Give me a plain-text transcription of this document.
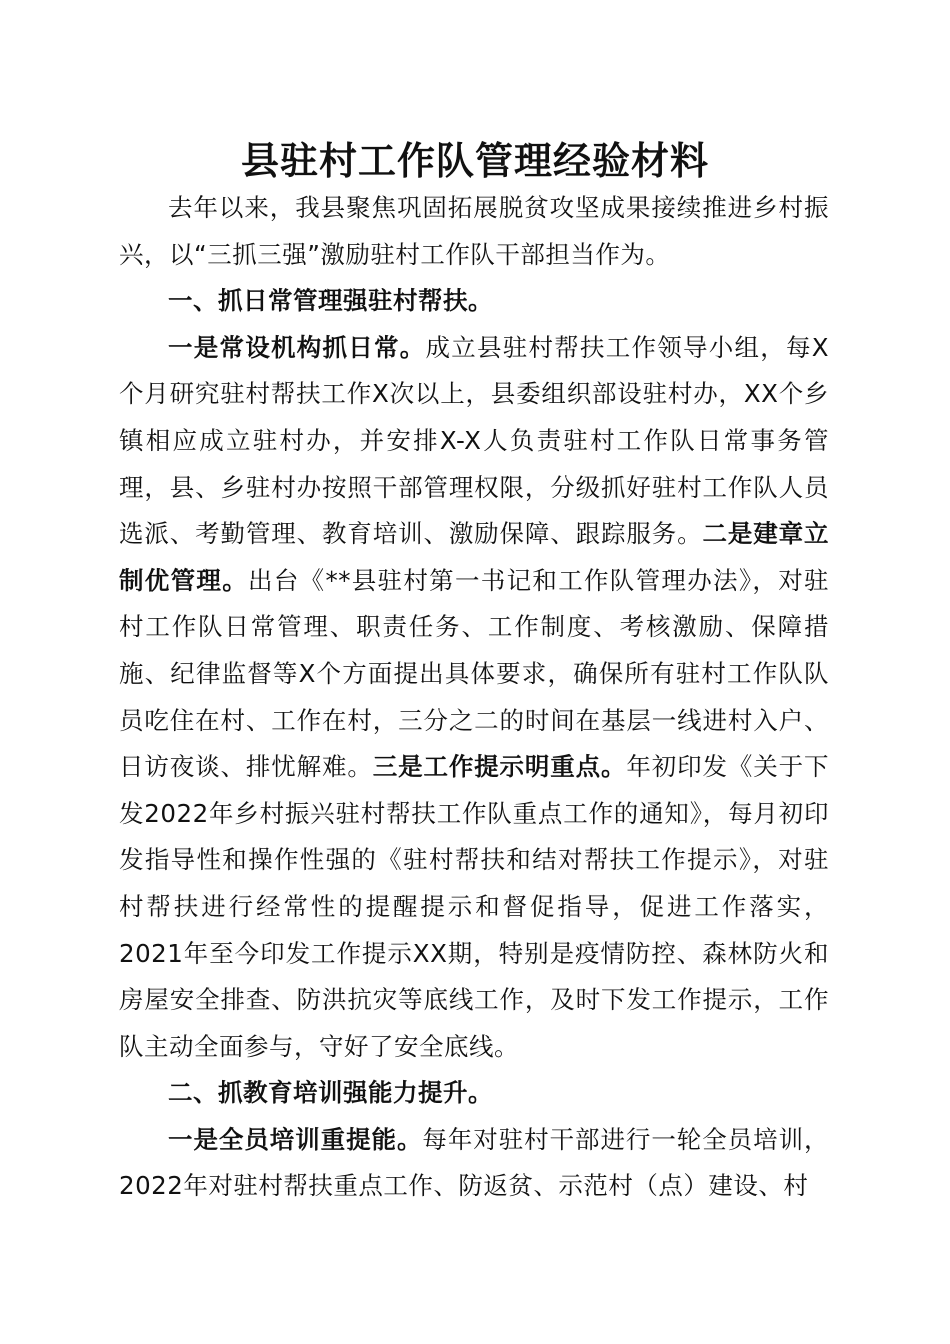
县驻村工作队管理经验材料

去年以来，我县聚焦巩固拓展脱贫攻坚成果接续推进乡村振兴，以“三抓三强”激励驻村工作队干部担当作为。

一、抓日常管理强驻村帮扶。

一是常设机构抓日常。成立县驻村帮扶工作领导小组，每X个月研究驻村帮扶工作X次以上，县委组织部设驻村办，XX个乡镇相应成立驻村办，并安排X-X人负责驻村工作队日常事务管理，县、乡驻村办按照干部管理权限，分级抓好驻村工作队人员选派、考勤管理、教育培训、激励保障、跟踪服务。二是建章立制优管理。出台《**县驻村第一书记和工作队管理办法》，对驻村工作队日常管理、职责任务、工作制度、考核激励、保障措施、纪律监督等X个方面提出具体要求，确保所有驻村工作队队员吃住在村、工作在村，三分之二的时间在基层一线进村入户、日访夜谈、排忧解难。三是工作提示明重点。年初印发《关于下发2022年乡村振兴驻村帮扶工作队重点工作的通知》，每月初印发指导性和操作性强的《驻村帮扶和结对帮扶工作提示》，对驻村帮扶进行经常性的提醒提示和督促指导，促进工作落实，2021年至今印发工作提示XX期，特别是疫情防控、森林防火和房屋安全排查、防洪抗灾等底线工作，及时下发工作提示，工作队主动全面参与，守好了安全底线。

二、抓教育培训强能力提升。

一是全员培训重提能。每年对驻村干部进行一轮全员培训，2022年对驻村帮扶重点工作、防返贫、示范村（点）建设、村
